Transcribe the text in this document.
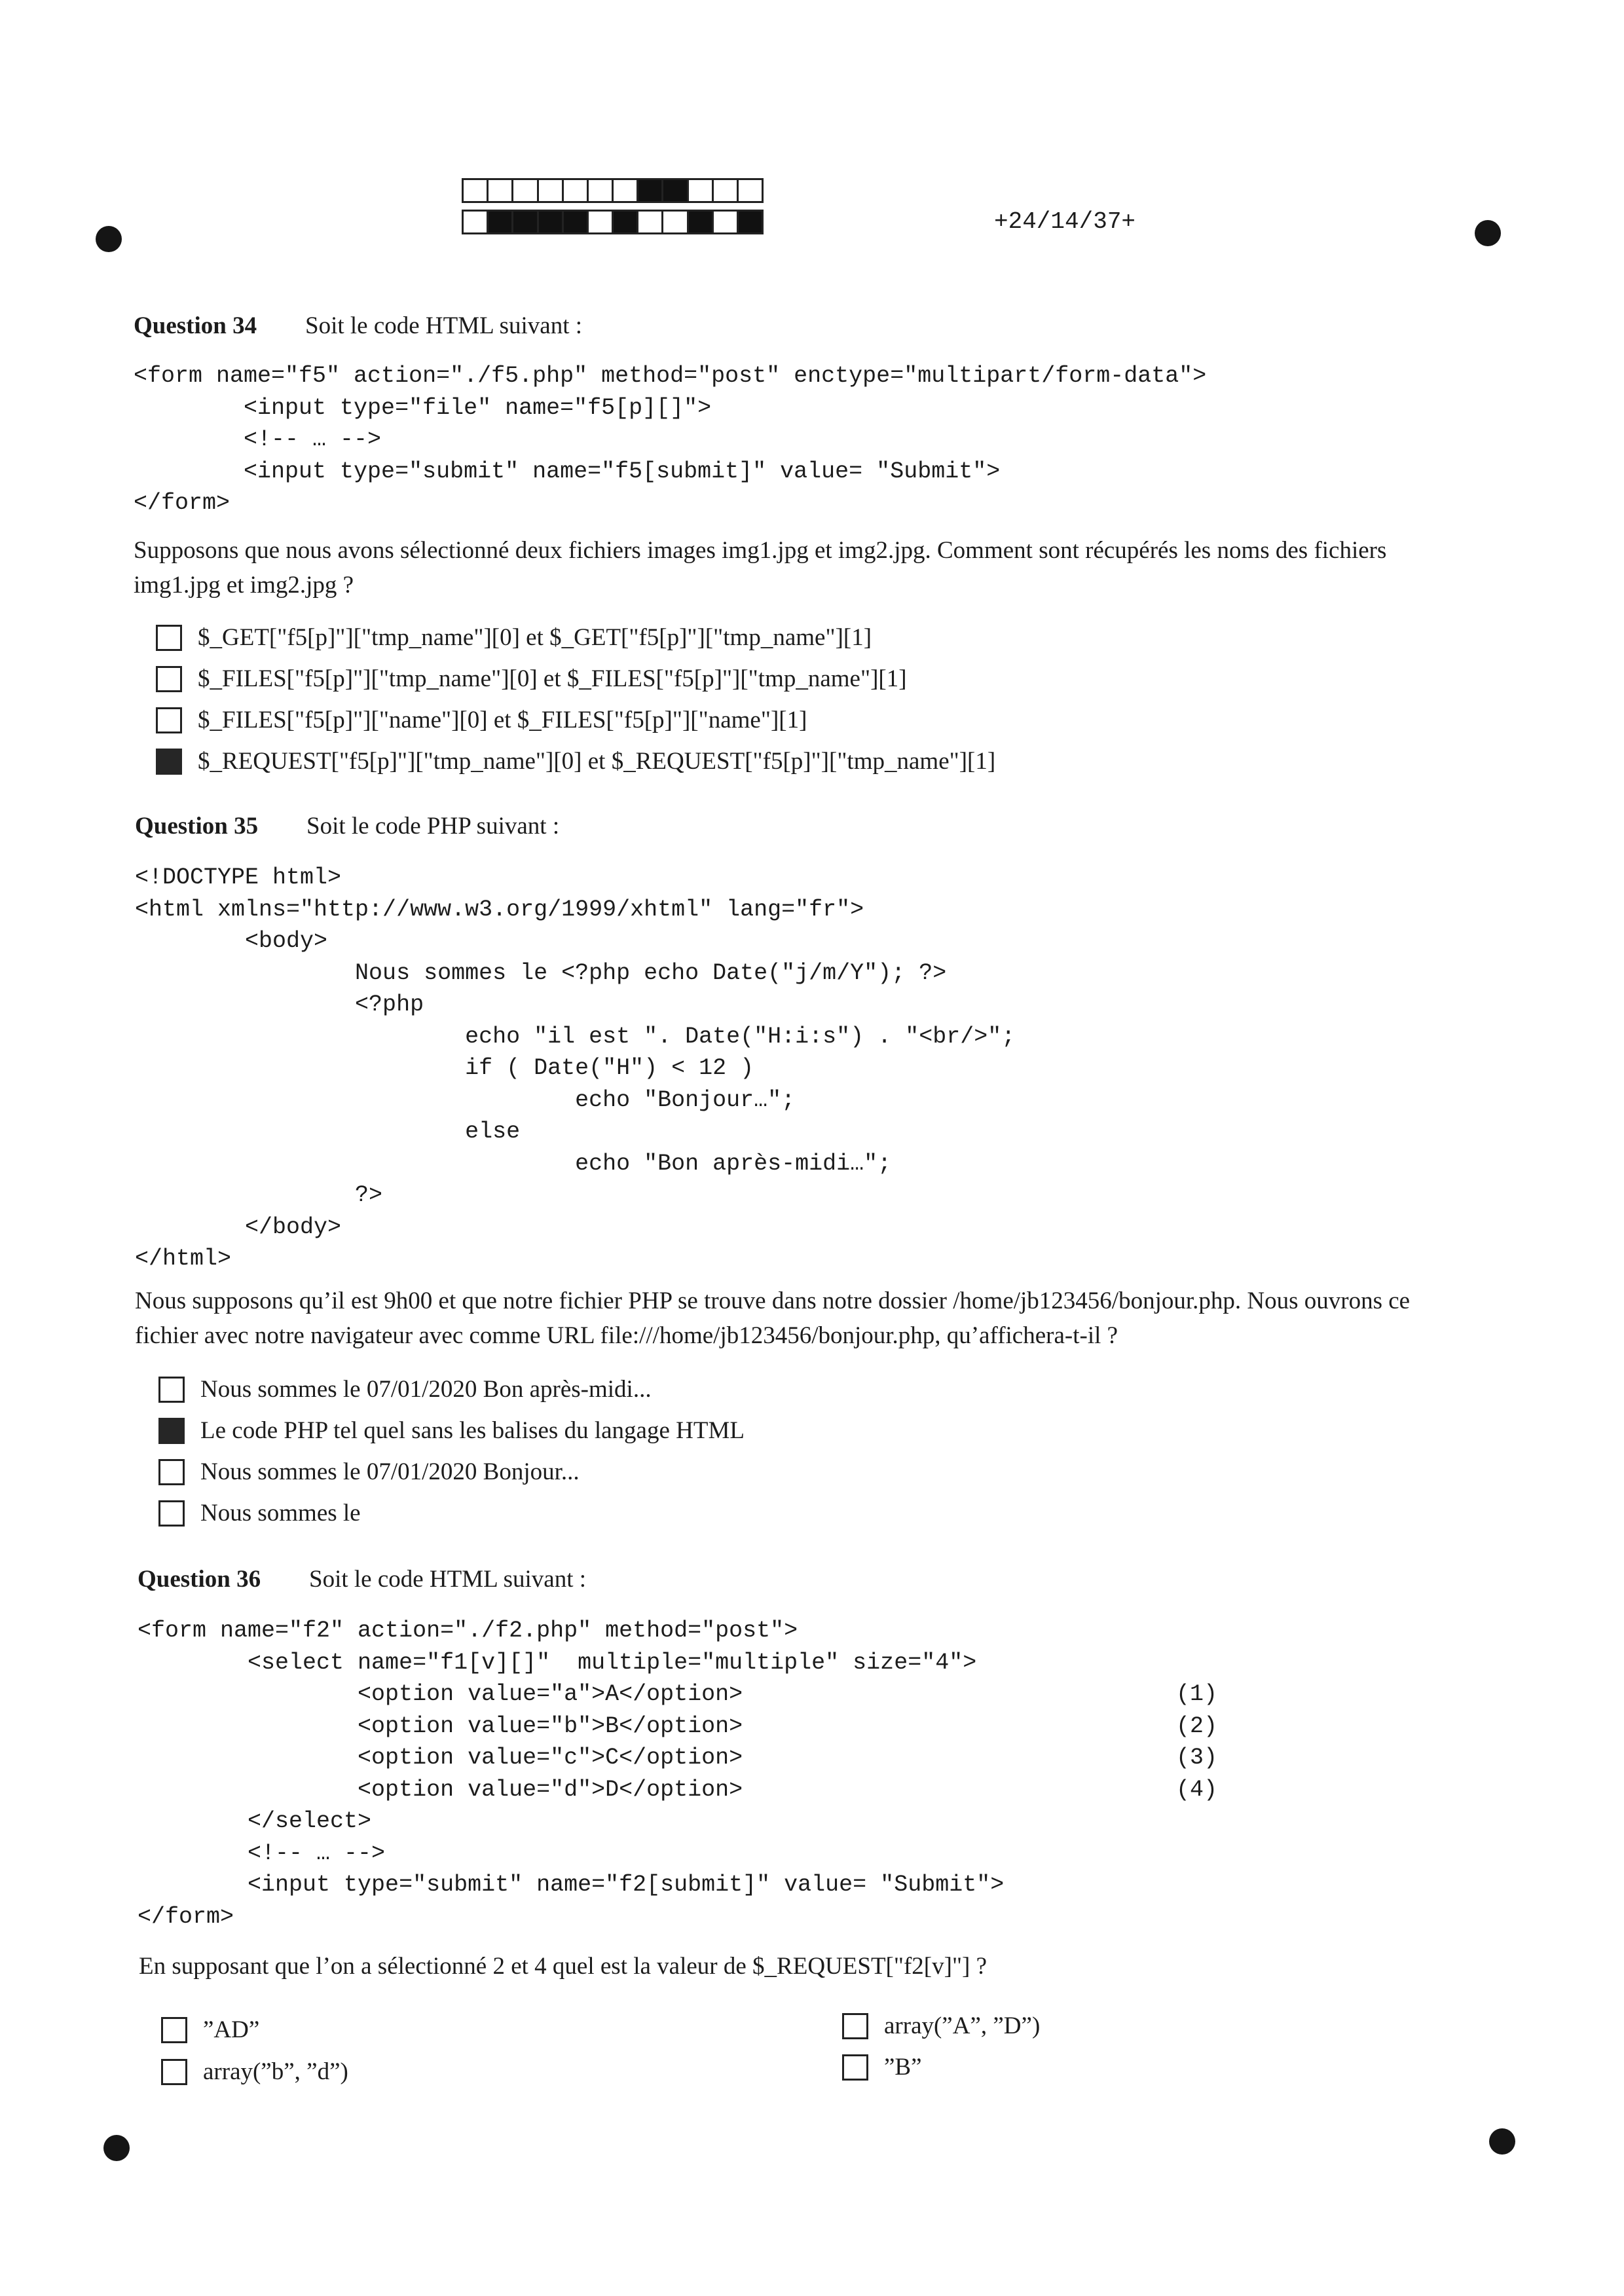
+24/14/37+
Question 34 Soit le code HTML suivant :
<form name="f5" action="./f5.php" method="post" enctype="multipart/form-data">
<input type="file" name="f5[p][]">
<!-- … -->
<input type="submit" name="f5[submit]" value= "Submit">
</form>
Supposons que nous avons sélectionné deux fichiers images img1.jpg et img2.jpg. Comment sont récupérés les noms des fichiers img1.jpg et img2.jpg ?
$_GET["f5[p]"]["tmp_name"][0] et $_GET["f5[p]"]["tmp_name"][1]
$_FILES["f5[p]"]["tmp_name"][0] et $_FILES["f5[p]"]["tmp_name"][1]
$_FILES["f5[p]"]["name"][0] et $_FILES["f5[p]"]["name"][1]
$_REQUEST["f5[p]"]["tmp_name"][0] et $_REQUEST["f5[p]"]["tmp_name"][1]
Question 35 Soit le code PHP suivant :
<!DOCTYPE html>
<html xmlns="http://www.w3.org/1999/xhtml" lang="fr">
<body>
Nous sommes le <?php echo Date("j/m/Y"); ?>
<?php
echo "il est ". Date("H:i:s") . "<br/>";
if ( Date("H") < 12 )
echo "Bonjour…";
else
echo "Bon après-midi…";
?>
</body>
</html>
Nous supposons qu’il est 9h00 et que notre fichier PHP se trouve dans notre dossier /home/jb123456/bonjour.php. Nous ouvrons ce fichier avec notre navigateur avec comme URL file:///home/jb123456/bonjour.php, qu’affichera-t-il ?
Nous sommes le 07/01/2020 Bon après-midi...
Le code PHP tel quel sans les balises du langage HTML
Nous sommes le 07/01/2020 Bonjour...
Nous sommes le
Question 36 Soit le code HTML suivant :
<form name="f2" action="./f2.php" method="post">
<select name="f1[v][]"  multiple="multiple" size="4">
<option value="a">A</option>
<option value="b">B</option>
<option value="c">C</option>
<option value="d">D</option>
</select>
<!-- … -->
<input type="submit" name="f2[submit]" value= "Submit">
</form>
(1)
(2)
(3)
(4)
En supposant que l’on a sélectionné 2 et 4 quel est la valeur de $_REQUEST["f2[v]"] ?
”AD”
array(”b”, ”d”)
array(”A”, ”D”)
”B”
